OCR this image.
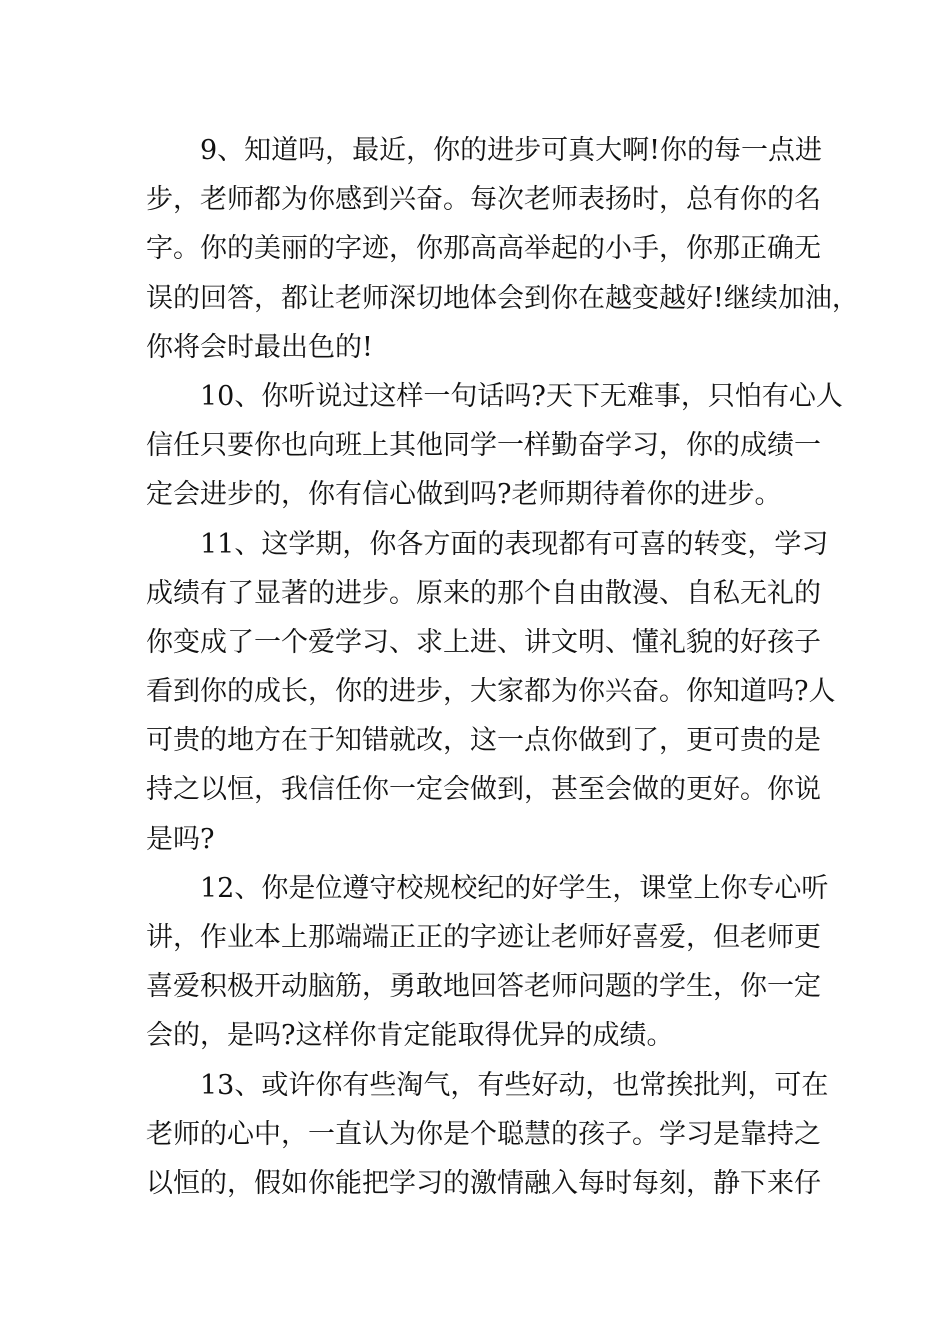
9、知道吗，最近，你的进步可真大啊!你的每一点进
步，老师都为你感到兴奋。每次老师表扬时，总有你的名
字。你的美丽的字迹，你那高高举起的小手，你那正确无
误的回答，都让老师深切地体会到你在越变越好!继续加油，
你将会时最出色的!
10、你听说过这样一句话吗?天下无难事，只怕有心人
信任只要你也向班上其他同学一样勤奋学习，你的成绩一
定会进步的，你有信心做到吗?老师期待着你的进步。
11、这学期，你各方面的表现都有可喜的转变，学习
成绩有了显著的进步。原来的那个自由散漫、自私无礼的
你变成了一个爱学习、求上进、讲文明、懂礼貌的好孩子
看到你的成长，你的进步，大家都为你兴奋。你知道吗?人
可贵的地方在于知错就改，这一点你做到了，更可贵的是
持之以恒，我信任你一定会做到，甚至会做的更好。你说
是吗?
12、你是位遵守校规校纪的好学生，课堂上你专心听
讲，作业本上那端端正正的字迹让老师好喜爱，但老师更
喜爱积极开动脑筋，勇敢地回答老师问题的学生，你一定
会的，是吗?这样你肯定能取得优异的成绩。
13、或许你有些淘气，有些好动，也常挨批判，可在
老师的心中，一直认为你是个聪慧的孩子。学习是靠持之
以恒的，假如你能把学习的激情融入每时每刻，静下来仔
